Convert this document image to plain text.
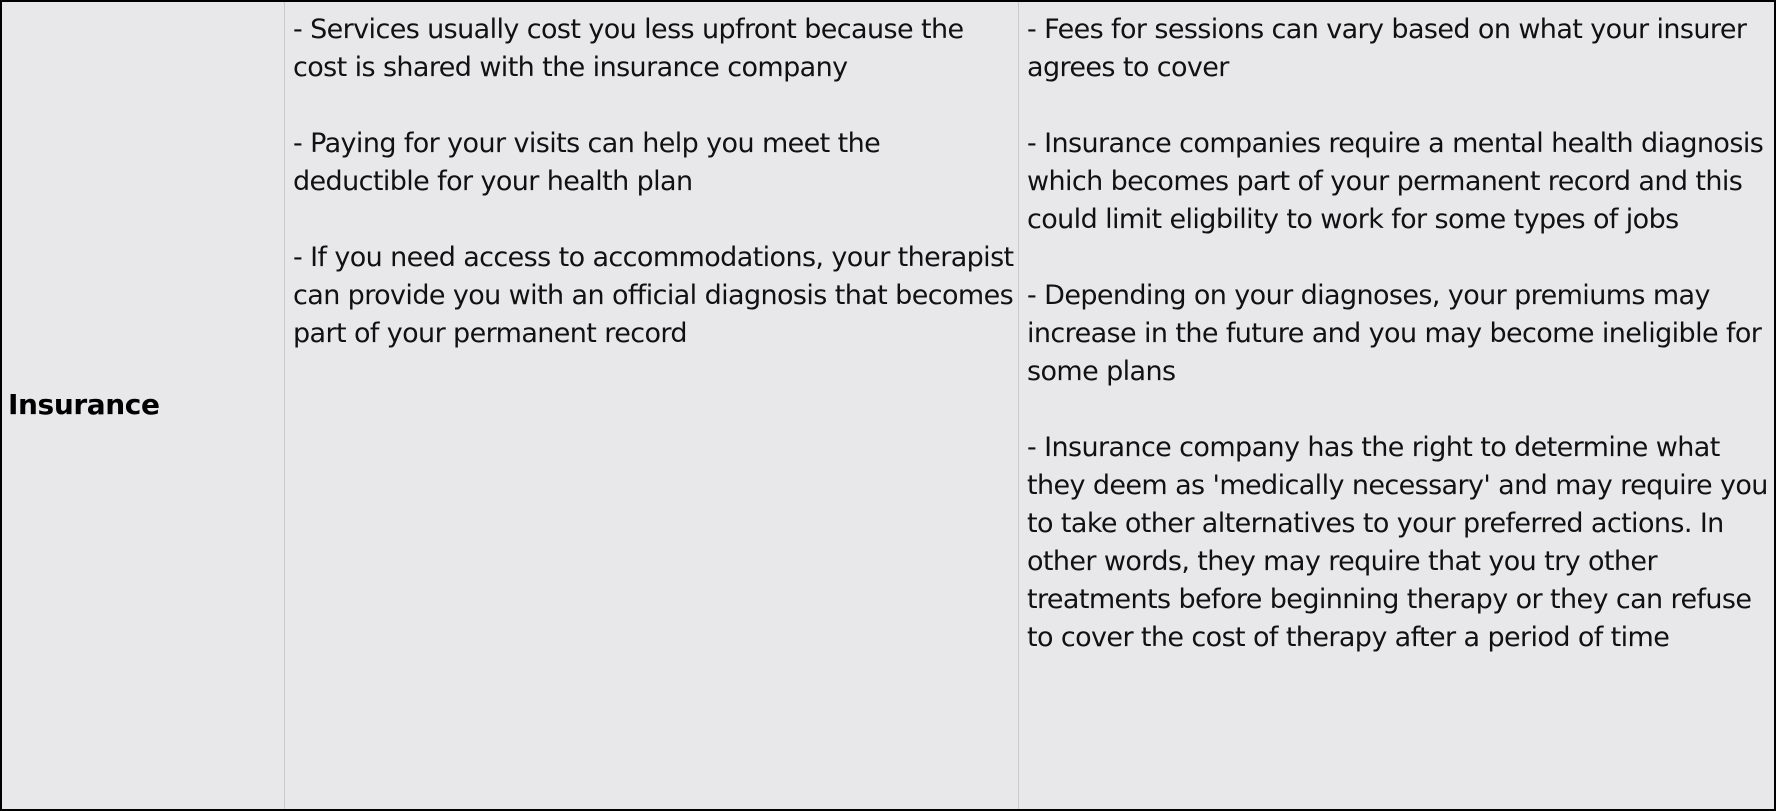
Insurance

- Services usually cost you less upfront because the cost is shared with the insurance company

- Paying for your visits can help you meet the deductible for your health plan

- If you need access to accommodations, your therapist can provide you with an official diagnosis that becomes part of your permanent record

- Fees for sessions can vary based on what your insurer agrees to cover

- Insurance companies require a mental health diagnosis which becomes part of your permanent record and this could limit eligbility to work for some types of jobs

- Depending on your diagnoses, your premiums may increase in the future and you may become ineligible for some plans

- Insurance company has the right to determine what they deem as 'medically necessary' and may require you to take other alternatives to your preferred actions. In other words, they may require that you try other treatments before beginning therapy or they can refuse to cover the cost of therapy after a period of time
